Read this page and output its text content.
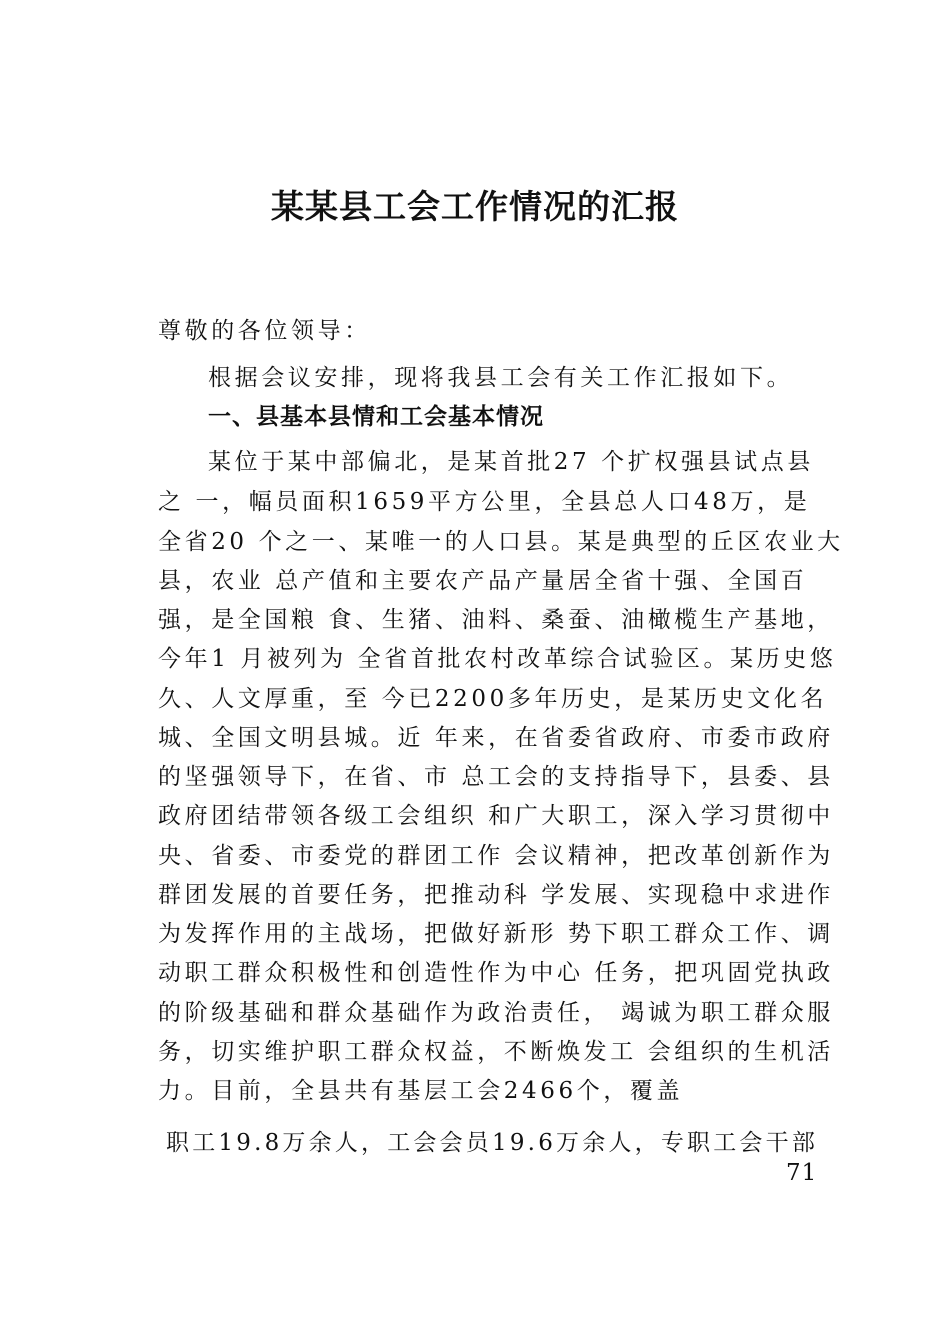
某某县工会工作情况的汇报

尊敬的各位领导：

根据会议安排，现将我县工会有关工作汇报如下。

一、县基本县情和工会基本情况

某位于某中部偏北，是某首批27 个扩权强县试点县

之 一，幅员面积1659平方公里，全县总人口48万，是

全省20 个之一、某唯一的人口县。某是典型的丘区农业大

县，农业 总产值和主要农产品产量居全省十强、全国百

强，是全国粮 食、生猪、油料、桑蚕、油橄榄生产基地，

今年1 月被列为 全省首批农村改革综合试验区。某历史悠

久、人文厚重，至 今已2200多年历史，是某历史文化名

城、全国文明县城。近 年来，在省委省政府、市委市政府

的坚强领导下，在省、市 总工会的支持指导下，县委、县

政府团结带领各级工会组织 和广大职工，深入学习贯彻中

央、省委、市委党的群团工作 会议精神，把改革创新作为

群团发展的首要任务，把推动科 学发展、实现稳中求进作

为发挥作用的主战场，把做好新形 势下职工群众工作、调

动职工群众积极性和创造性作为中心 任务，把巩固党执政

的阶级基础和群众基础作为政治责任， 竭诚为职工群众服

务，切实维护职工群众权益，不断焕发工 会组织的生机活

力。目前，全县共有基层工会2466个，覆盖

职工19.8万余人，工会会员19.6万余人，专职工会干部

71
